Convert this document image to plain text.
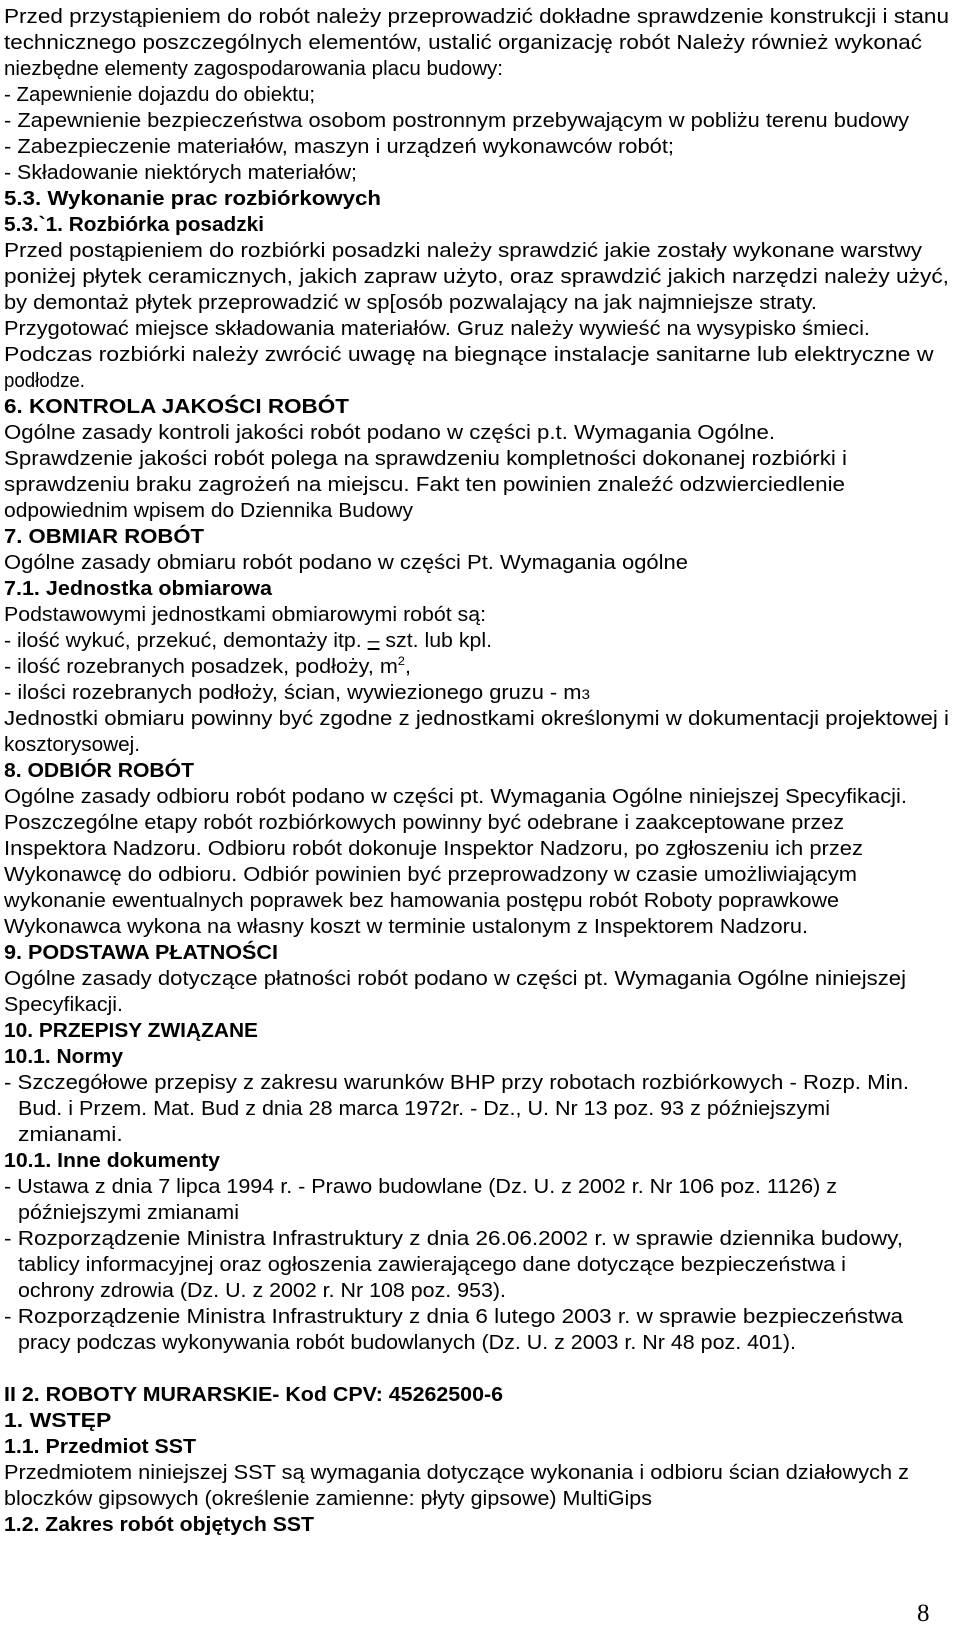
Przed przystąpieniem do robót należy przeprowadzić dokładne sprawdzenie konstrukcji i stanu
technicznego poszczególnych elementów, ustalić organizację robót Należy również wykonać
niezbędne elementy zagospodarowania placu budowy:
- Zapewnienie dojazdu do obiektu;
- Zapewnienie bezpieczeństwa osobom postronnym przebywającym w pobliżu terenu budowy
- Zabezpieczenie materiałów, maszyn i urządzeń wykonawców robót;
- Składowanie niektórych materiałów;
5.3. Wykonanie prac rozbiórkowych
5.3.`1. Rozbiórka posadzki
Przed postąpieniem do rozbiórki posadzki należy sprawdzić jakie zostały wykonane warstwy
poniżej płytek ceramicznych, jakich zapraw użyto, oraz sprawdzić jakich narzędzi należy użyć,
by demontaż płytek przeprowadzić w sp[osób pozwalający na jak najmniejsze straty.
Przygotować miejsce składowania materiałów. Gruz należy wywieść na wysypisko śmieci.
Podczas rozbiórki należy zwrócić uwagę na biegnące instalacje sanitarne lub elektryczne w
podłodze.
6. KONTROLA JAKOŚCI ROBÓT
Ogólne zasady kontroli jakości robót podano w części p.t. Wymagania Ogólne.
Sprawdzenie jakości robót polega na sprawdzeniu kompletności dokonanej rozbiórki i
sprawdzeniu braku zagrożeń na miejscu. Fakt ten powinien znaleźć odzwierciedlenie
odpowiednim wpisem do Dziennika Budowy
7. OBMIAR ROBÓT
Ogólne zasady obmiaru robót podano w części Pt. Wymagania ogólne
7.1. Jednostka obmiarowa
Podstawowymi jednostkami obmiarowymi robót są:
- ilość wykuć, przekuć, demontaży itp. – szt. lub kpl.
- ilość rozebranych posadzek, podłoży, $m^2$,
- ilości rozebranych podłoży, ścian, wywiezionego gruzu - m3
Jednostki obmiaru powinny być zgodne z jednostkami określonymi w dokumentacji projektowej i
kosztorysowej.
8. ODBIÓR ROBÓT
Ogólne zasady odbioru robót podano w części pt. Wymagania Ogólne niniejszej Specyfikacji.
Poszczególne etapy robót rozbiórkowych powinny być odebrane i zaakceptowane przez
Inspektora Nadzoru. Odbioru robót dokonuje Inspektor Nadzoru, po zgłoszeniu ich przez
Wykonawcę do odbioru. Odbiór powinien być przeprowadzony w czasie umożliwiającym
wykonanie ewentualnych poprawek bez hamowania postępu robót Roboty poprawkowe
Wykonawca wykona na własny koszt w terminie ustalonym z Inspektorem Nadzoru.
9. PODSTAWA PŁATNOŚCI
Ogólne zasady dotyczące płatności robót podano w części pt. Wymagania Ogólne niniejszej
Specyfikacji.
10. PRZEPISY ZWIĄZANE
10.1. Normy
- Szczegółowe przepisy z zakresu warunków BHP przy robotach rozbiórkowych - Rozp. Min.
Bud. i Przem. Mat. Bud z dnia 28 marca 1972r. - Dz., U. Nr 13 poz. 93 z późniejszymi
zmianami.
10.1. Inne dokumenty
- Ustawa z dnia 7 lipca 1994 r. - Prawo budowlane (Dz. U. z 2002 r. Nr 106 poz. 1126) z
późniejszymi zmianami
- Rozporządzenie Ministra Infrastruktury z dnia 26.06.2002 r. w sprawie dziennika budowy,
tablicy informacyjnej oraz ogłoszenia zawierającego dane dotyczące bezpieczeństwa i
ochrony zdrowia (Dz. U. z 2002 r. Nr 108 poz. 953).
- Rozporządzenie Ministra Infrastruktury z dnia 6 lutego 2003 r. w sprawie bezpieczeństwa
pracy podczas wykonywania robót budowlanych (Dz. U. z 2003 r. Nr 48 poz. 401).
II 2. ROBOTY MURARSKIE- Kod CPV: 45262500-6
1. WSTĘP
1.1. Przedmiot SST
Przedmiotem niniejszej SST są wymagania dotyczące wykonania i odbioru ścian działowych z
bloczków gipsowych (określenie zamienne: płyty gipsowe) MultiGips
1.2. Zakres robót objętych SST
8
